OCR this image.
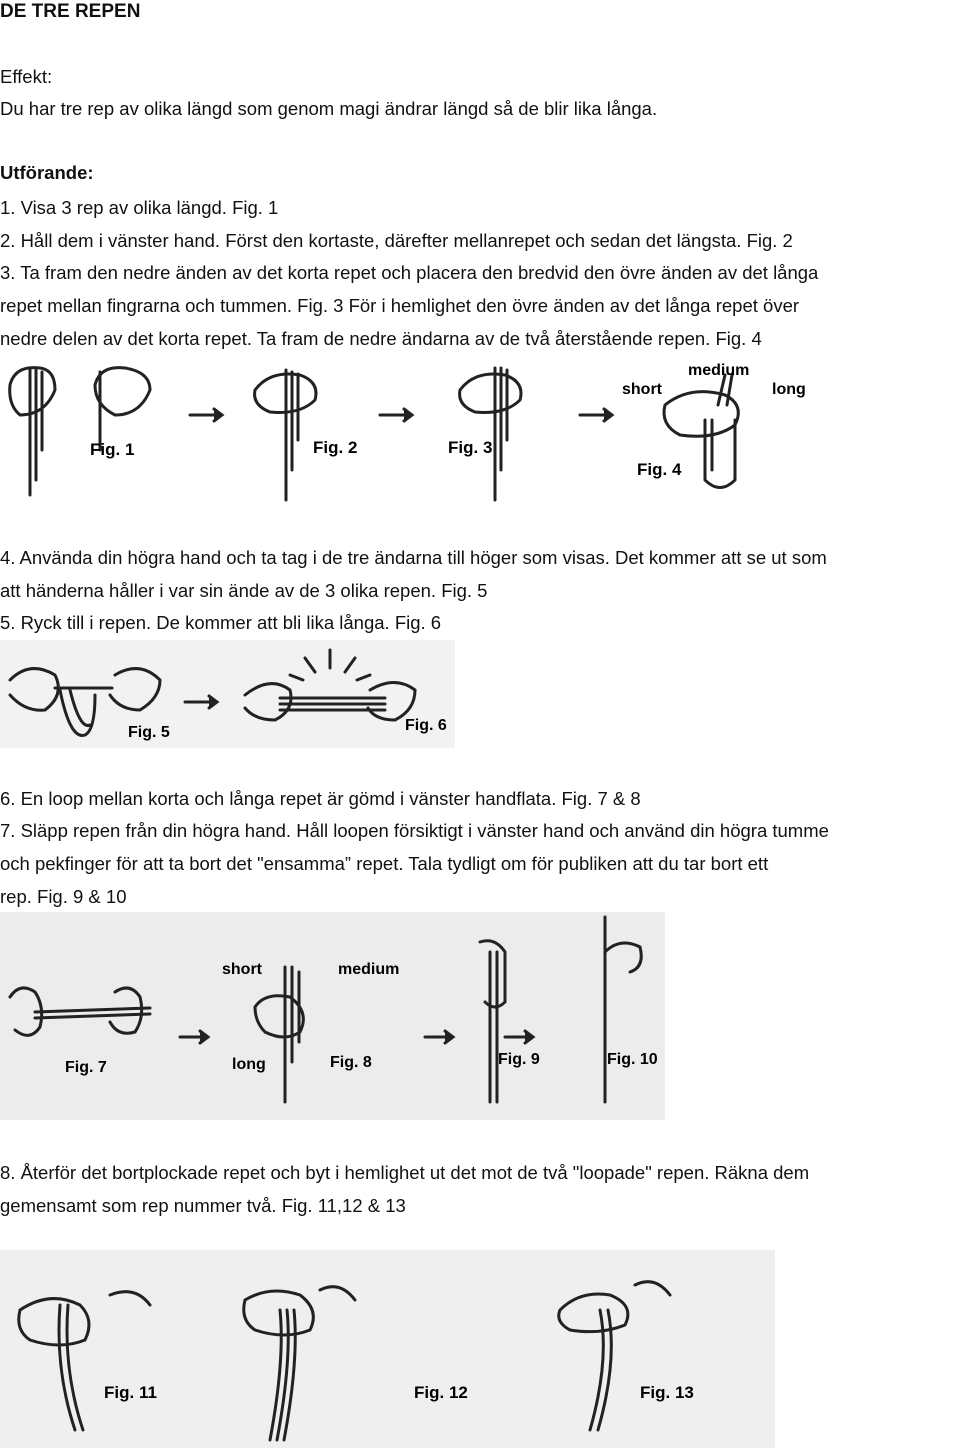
DE TRE REPEN
Effekt:
Du har tre rep av olika längd som genom magi ändrar längd så de blir lika långa.
Utförande:
1. Visa 3 rep av olika längd. Fig. 1
2. Håll dem i vänster hand. Först den kortaste, därefter mellanrepet och sedan det längsta. Fig. 2
3. Ta fram den nedre änden av det korta repet och placera den bredvid den övre änden av det långa
repet mellan fingrarna och tummen. Fig. 3 För i hemlighet den övre änden av det långa repet över
nedre delen av det korta repet. Ta fram de nedre ändarna av de två återstående repen. Fig. 4
Fig. 1	Fig. 2	Fig. 3
Fig. 4
short
medium
long
4. Använda din högra hand och ta tag i de tre ändarna till höger som visas. Det kommer att se ut som
att händerna håller i var sin ände av de 3 olika repen. Fig. 5
5. Ryck till i repen. De kommer att bli lika långa. Fig. 6
Fig. 5	Fig. 6
6. En loop mellan korta och långa repet är gömd i vänster handflata. Fig. 7 & 8
7. Släpp repen från din högra hand. Håll loopen försiktigt i vänster hand och använd din högra tumme
och pekfinger för att ta bort det "ensamma” repet. Tala tydligt om för publiken att du tar bort ett
rep. Fig. 9 & 10
Fig. 7	Fig. 8	Fig. 9	Fig. 10
short	medium
long
8. Återför det bortplockade repet och byt i hemlighet ut det mot de två "loopade" repen. Räkna dem
gemensamt som rep nummer två. Fig. 11,12 & 13
Fig. 11	Fig. 12	Fig. 13
